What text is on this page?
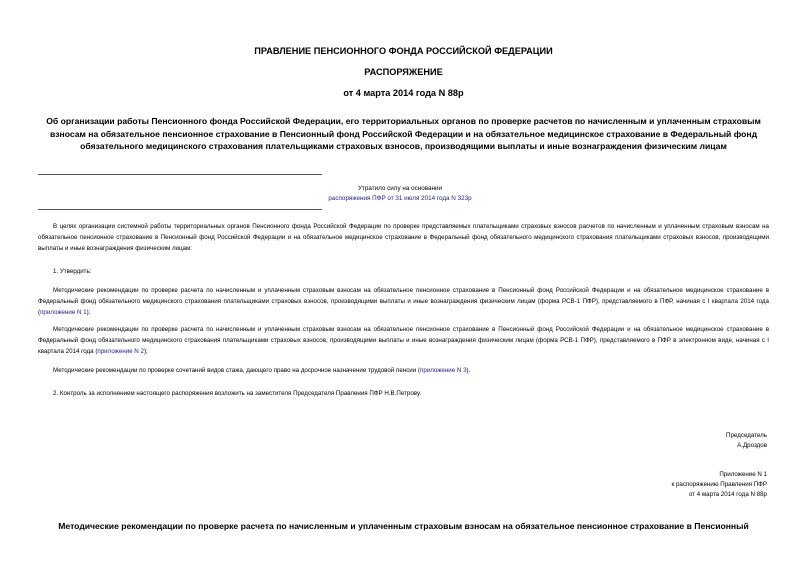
ПРАВЛЕНИЕ ПЕНСИОННОГО ФОНДА РОССИЙСКОЙ ФЕДЕРАЦИИ
РАСПОРЯЖЕНИЕ
от 4 марта 2014 года N 88р
Об организации работы Пенсионного фонда Российской Федерации, его территориальных органов по проверке расчетов по начисленным и уплаченным страховым взносам на обязательное пенсионное страхование в Пенсионный фонд Российской Федерации и на обязательное медицинское страхование в Федеральный фонд обязательного медицинского страхования плательщиками страховых взносов, производящими выплаты и иные вознаграждения физическим лицам
Утратило силу на основании
распоряжения ПФР от 31 июля 2014 года N 323р
В целях организации системной работы территориальных органов Пенсионного фонда Российской Федерации по проверке представляемых плательщиками страховых взносов расчетов по начисленным и уплаченным страховым взносам на обязательное пенсионное страхование в Пенсионный фонд Российской Федерации и на обязательное медицинское страхование в Федеральный фонд обязательного медицинского страхования плательщиками страховых взносов, производящими выплаты и иные вознаграждения физическим лицам:
1. Утвердить:
Методические рекомендации по проверке расчета по начисленным и уплаченным страховым взносам на обязательное пенсионное страхование в Пенсионный фонд Российской Федерации и на обязательное медицинское страхование в Федеральный фонд обязательного медицинского страхования плательщиками страховых взносов, производящими выплаты и иные вознаграждения физическим лицам (форма РСВ-1 ПФР), представляемого в ПФР, начиная с I квартала 2014 года (приложение N 1);
Методические рекомендации по проверке расчета по начисленным и уплаченным страховым взносам на обязательное пенсионное страхование в Пенсионный фонд Российской Федерации и на обязательное медицинское страхование в Федеральный фонд обязательного медицинского страхования плательщиками страховых взносов, производящими выплаты и иные вознаграждения физическим лицам (форма РСВ-1 ПФР), представляемого в ПФР в электронном виде, начиная с I квартала 2014 года (приложение N 2);
Методические рекомендации по проверке сочетаний видов стажа, дающего право на досрочное назначение трудовой пенсии (приложение N 3).
2. Контроль за исполнением настоящего распоряжения возложить на заместителя Председателя Правления ПФР Н.В.Петрову.
Председатель
А.Дроздов
Приложение N 1
к распоряжению Правления ПФР
от 4 марта 2014 года N 88р
Методические рекомендации по проверке расчета по начисленным и уплаченным страховым взносам на обязательное пенсионное страхование в Пенсионный
